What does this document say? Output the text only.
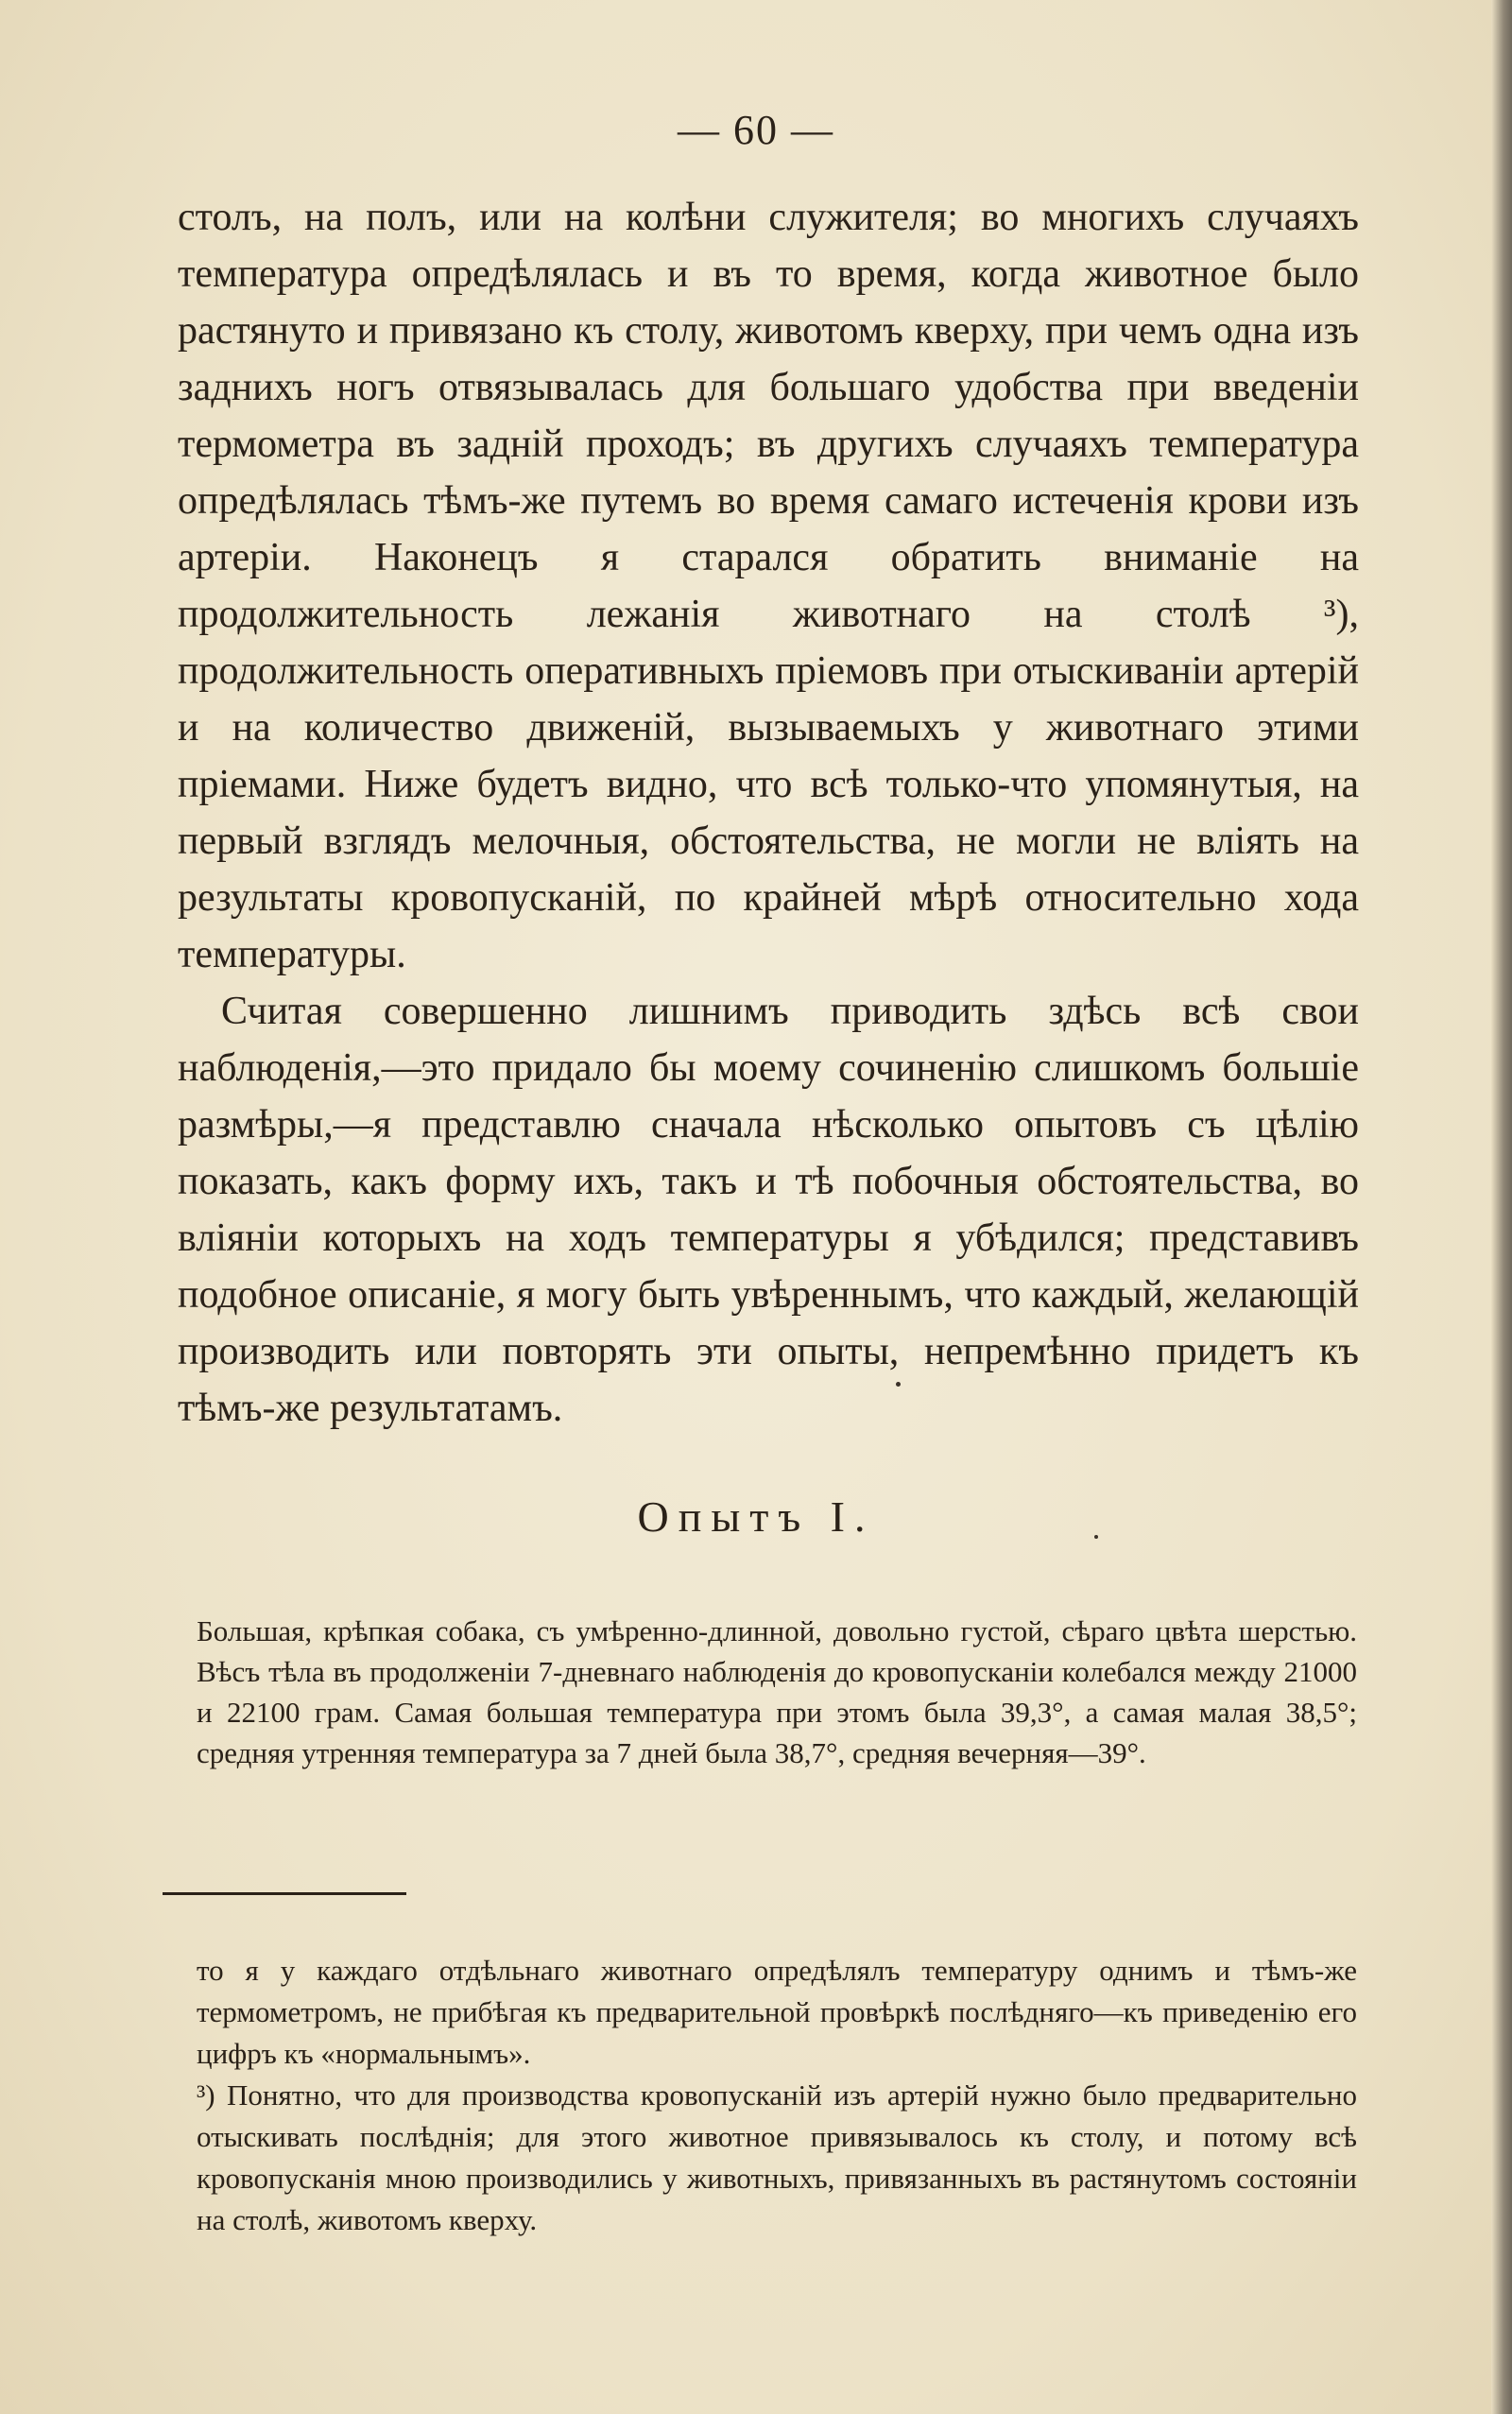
— 60 —

столъ, на полъ, или на колѣни служителя; во многихъ случаяхъ температура опредѣлялась и въ то время, когда животное было растянуто и привязано къ столу, животомъ кверху, при чемъ одна изъ заднихъ ногъ отвязывалась для большаго удобства при введеніи термометра въ заднiй проходъ; въ другихъ случаяхъ температура опредѣлялась тѣмъ-же путемъ во время самаго истеченія крови изъ артеріи. Наконецъ я старался обратить вниманіе на продолжительность лежанія животнаго на столѣ ³), продолжительность оперативныхъ пріемовъ при отыскиваніи артерій и на количество движеній, вызываемыхъ у животнаго этими пріемами. Ниже будетъ видно, что всѣ только-что упомянутыя, на первый взглядъ мелочныя, обстоятельства, не могли не влiять на результаты кровопусканій, по крайней мѣрѣ относительно хода температуры.

Считая совершенно лишнимъ приводить здѣсь всѣ свои наблюденія,—это придало бы моему сочиненію слишкомъ большіе размѣры,—я представлю сначала нѣсколько опытовъ съ цѣлію показать, какъ форму ихъ, такъ и тѣ побочныя обстоятельства, во вліяніи которыхъ на ходъ температуры я убѣдился; представивъ подобное описаніе, я могу быть увѣреннымъ, что каждый, желающій производить или повторять эти опыты, непремѣнно придетъ къ тѣмъ-же результатамъ.

Опытъ I.
Большая, крѣпкая собака, съ умѣренно-длинной, довольно густой, сѣраго цвѣта шерстью. Вѣсъ тѣла въ продолженіи 7-дневнаго наблюденія до кровопусканіи колебался между 21000 и 22100 грам. Самая большая температура при этомъ была 39,3°, а самая малая 38,5°; средняя утренняя температура за 7 дней была 38,7°, средняя вечерняя—39°.

то я у каждаго отдѣльнаго животнаго опредѣлялъ температуру однимъ и тѣмъ-же термометромъ, не прибѣгая къ предварительной провѣркѣ послѣдняго—къ приведенію его цифръ къ «нормальнымъ».

³) Понятно, что для производства кровопусканій изъ артерій нужно было предварительно отыскивать послѣднія; для этого животное привязывалось къ столу, и потому всѣ кровопусканія мною производились у животныхъ, привязанныхъ въ растянутомъ состояніи на столѣ, животомъ кверху.
